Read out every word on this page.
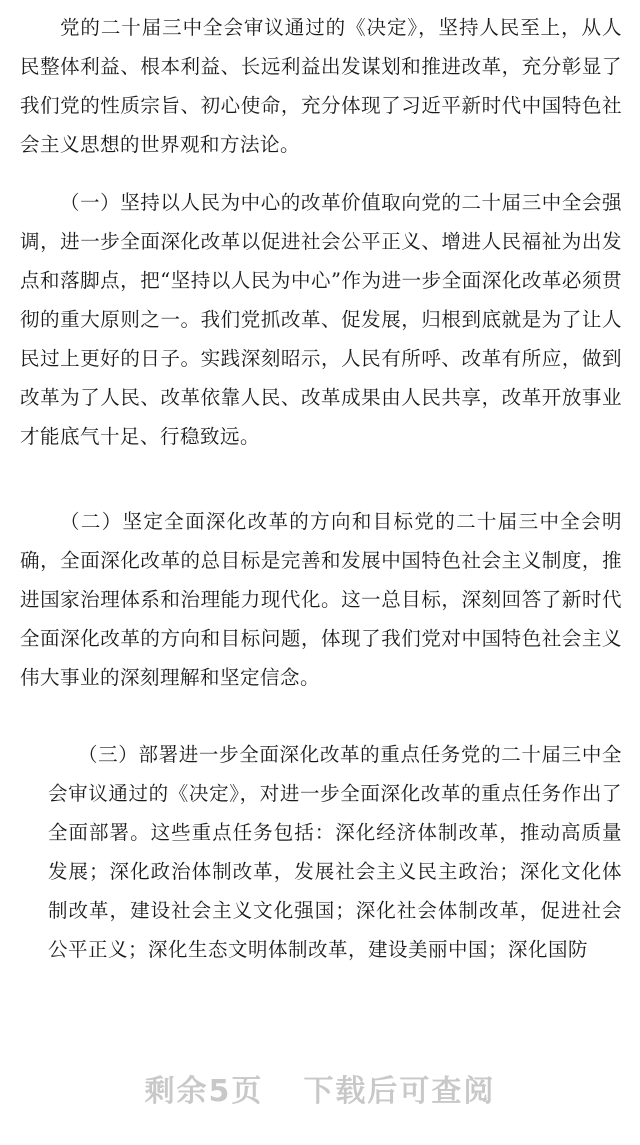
党的二十届三中全会审议通过的《决定》，坚持人民至上，从人民整体利益、根本利益、长远利益出发谋划和推进改革，充分彰显了我们党的性质宗旨、初心使命，充分体现了习近平新时代中国特色社会主义思想的世界观和方法论。

（一）坚持以人民为中心的改革价值取向党的二十届三中全会强调，进一步全面深化改革以促进社会公平正义、增进人民福祉为出发点和落脚点，把“坚持以人民为中心”作为进一步全面深化改革必须贯彻的重大原则之一。我们党抓改革、促发展，归根到底就是为了让人民过上更好的日子。实践深刻昭示，人民有所呼、改革有所应，做到改革为了人民、改革依靠人民、改革成果由人民共享，改革开放事业才能底气十足、行稳致远。

（二）坚定全面深化改革的方向和目标党的二十届三中全会明确，全面深化改革的总目标是完善和发展中国特色社会主义制度，推进国家治理体系和治理能力现代化。这一总目标，深刻回答了新时代全面深化改革的方向和目标问题，体现了我们党对中国特色社会主义伟大事业的深刻理解和坚定信念。

（三）部署进一步全面深化改革的重点任务党的二十届三中全会审议通过的《决定》，对进一步全面深化改革的重点任务作出了全面部署。这些重点任务包括：深化经济体制改革，推动高质量发展；深化政治体制改革，发展社会主义民主政治；深化文化体制改革，建设社会主义文化强国；深化社会体制改革，促进社会公平正义；深化生态文明体制改革，建设美丽中国；深化国防

剩余5页 下载后可查阅
